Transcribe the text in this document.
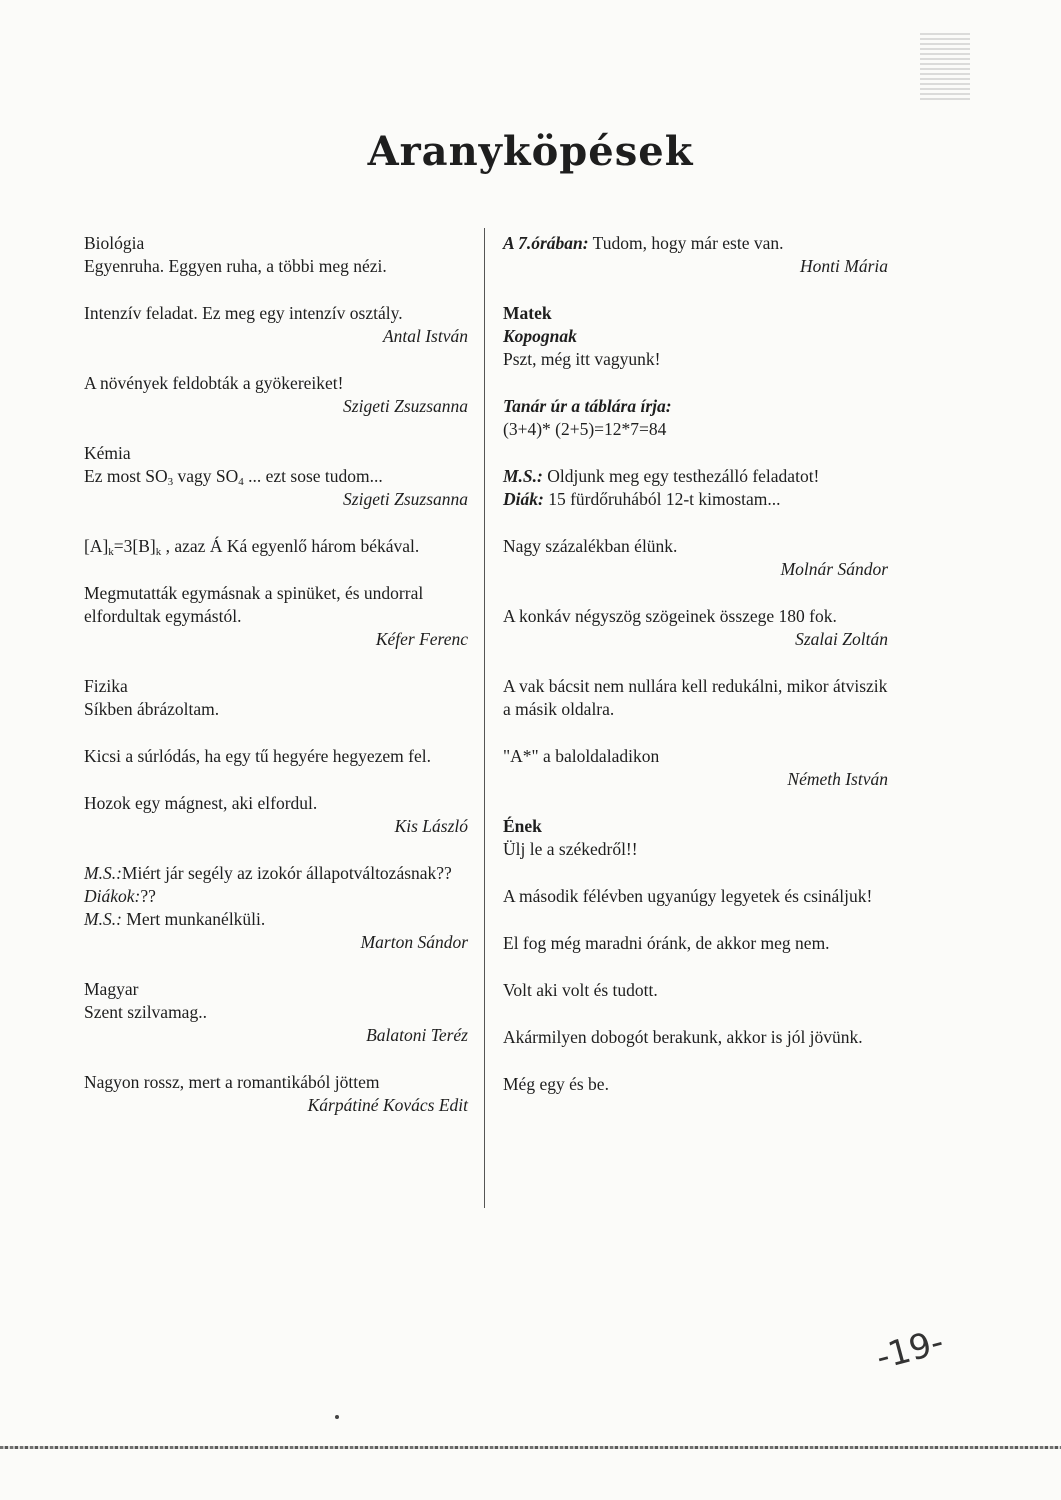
Aranyköpések

Biológia

Egyenruha. Eggyen ruha, a többi meg nézi.

Intenzív feladat. Ez meg egy intenzív osztály.

Antal István

A növények feldobták a gyökereiket!

Szigeti Zsuzsanna

Kémia

Ez most $SO_3$ vagy $SO_4$ ... ezt sose tudom...

Szigeti Zsuzsanna

$[A]_k=3[B]_k$ , azaz Á Ká egyenlő három békával.

Megmutatták egymásnak a spinüket, és undorral elfordultak egymástól.

Kéfer Ferenc

Fizika

Síkben ábrázoltam.

Kicsi a súrlódás, ha egy tű hegyére hegyezem fel.

Hozok egy mágnest, aki elfordul.

Kis László

M.S.:Miért jár segély az izokór állapotváltozásnak??

Diákok:??

M.S.: Mert munkanélküli.

Marton Sándor

Magyar

Szent szilvamag..

Balatoni Teréz

Nagyon rossz, mert a romantikából jöttem

Kárpátiné Kovács Edit

A 7.órában: Tudom, hogy már este van.

Honti Mária

Matek

Kopognak

Pszt, még itt vagyunk!

Tanár úr a táblára írja:

(3+4)* (2+5)=12*7=84

M.S.: Oldjunk meg egy testhezálló feladatot!

Diák: 15 fürdőruhából 12-t kimostam...

Nagy százalékban élünk.

Molnár Sándor

A konkáv négyszög szögeinek összege 180 fok.

Szalai Zoltán

A vak bácsit nem nullára kell redukálni, mikor átviszik a másik oldalra.

"A*" a baloldaladikon

Németh István

Ének

Ülj le a székedről!!

A második félévben ugyanúgy legyetek és csináljuk!

El fog még maradni óránk, de akkor meg nem.

Volt aki volt és tudott.

Akármilyen dobogót berakunk, akkor is jól jövünk.

Még egy és be.

-19-
